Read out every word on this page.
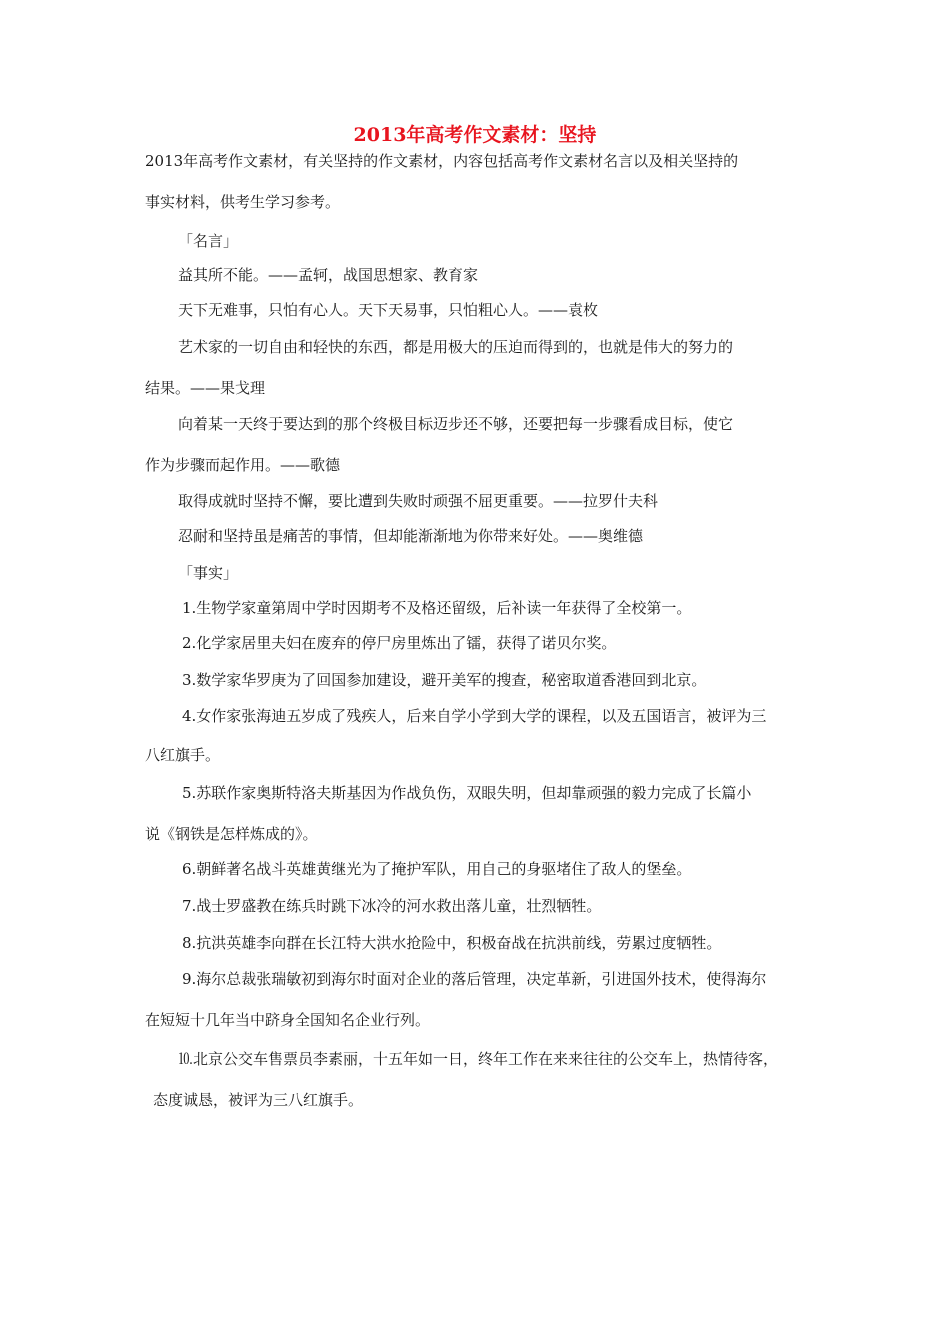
2013年高考作文素材：坚持
2013年高考作文素材，有关坚持的作文素材，内容包括高考作文素材名言以及相关坚持的
事实材料，供考生学习参考。
「名言」
益其所不能。——孟轲，战国思想家、教育家
天下无难事，只怕有心人。天下天易事，只怕粗心人。——袁枚
艺术家的一切自由和轻快的东西，都是用极大的压迫而得到的，也就是伟大的努力的
结果。——果戈理
向着某一天终于要达到的那个终极目标迈步还不够，还要把每一步骤看成目标，使它
作为步骤而起作用。——歌德
取得成就时坚持不懈，要比遭到失败时顽强不屈更重要。——拉罗什夫科
忍耐和坚持虽是痛苦的事情，但却能渐渐地为你带来好处。——奥维德
「事实」
1.生物学家童第周中学时因期考不及格还留级，后补读一年获得了全校第一。
2.化学家居里夫妇在废弃的停尸房里炼出了镭，获得了诺贝尔奖。
3.数学家华罗庚为了回国参加建设，避开美军的搜查，秘密取道香港回到北京。
4.女作家张海迪五岁成了残疾人，后来自学小学到大学的课程，以及五国语言，被评为三
八红旗手。
5.苏联作家奥斯特洛夫斯基因为作战负伤，双眼失明，但却靠顽强的毅力完成了长篇小
说《钢铁是怎样炼成的》。
6.朝鲜著名战斗英雄黄继光为了掩护军队，用自己的身驱堵住了敌人的堡垒。
7.战士罗盛教在练兵时跳下冰冷的河水救出落儿童，壮烈牺牲。
8.抗洪英雄李向群在长江特大洪水抢险中，积极奋战在抗洪前线，劳累过度牺牲。
9.海尔总裁张瑞敏初到海尔时面对企业的落后管理，决定革新，引进国外技术，使得海尔
在短短十几年当中跻身全国知名企业行列。
⒑北京公交车售票员李素丽，十五年如一日，终年工作在来来往往的公交车上，热情待客，
态度诚恳，被评为三八红旗手。
